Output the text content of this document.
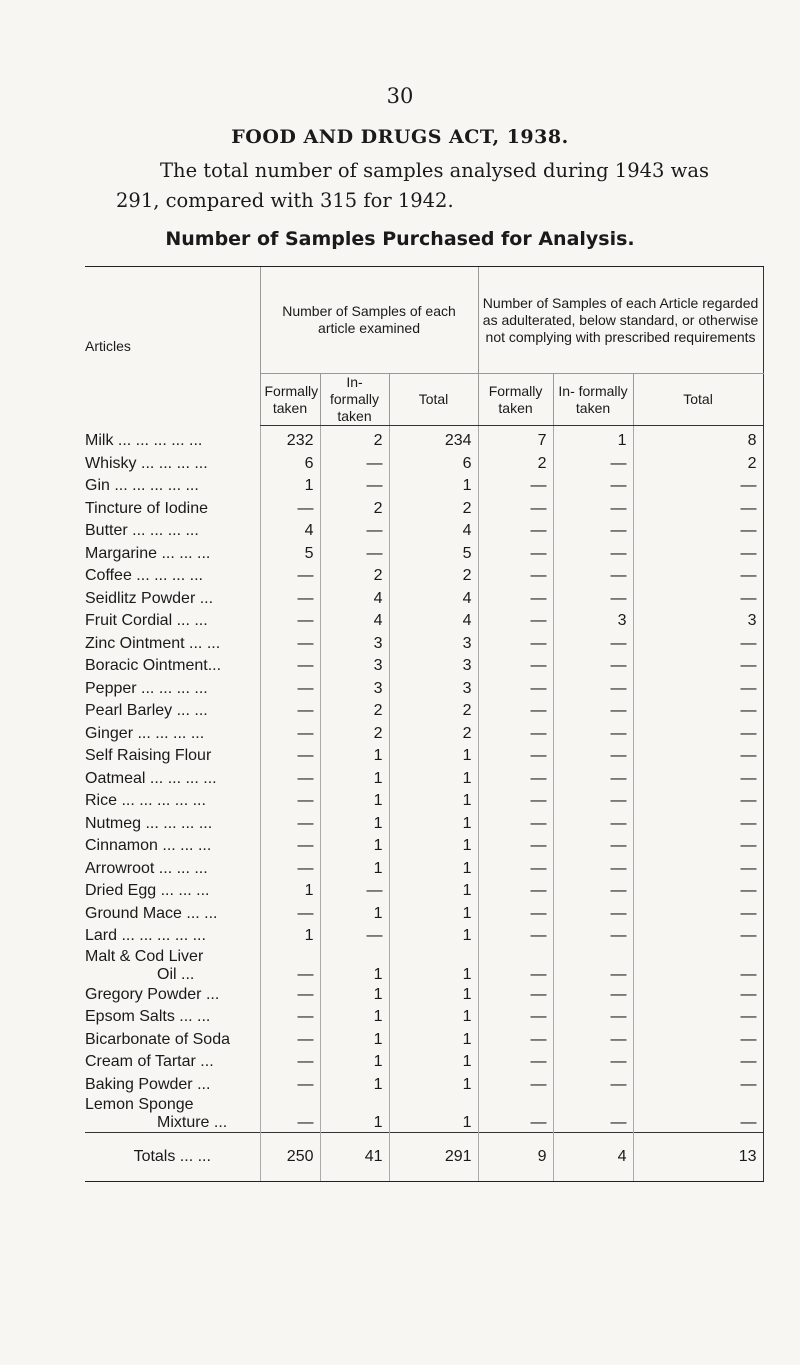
30
FOOD AND DRUGS ACT, 1938.
The total number of samples analysed during 1943 was 291, compared with 315 for 1942.
Number of Samples Purchased for Analysis.
Articles	Number of Samples of each article examined			Number of Samples of each Article regarded as adulterated, below standard, or otherwise not complying with prescribed requirements		
	Formally taken	In- formally taken	Total	Formally taken	In- formally taken	Total
Milk ... ... ... ... ...	232	2	234	7	1	8
Whisky ... ... ... ...	6	—	6	2	—	2
Gin ... ... ... ... ...	1	—	1	—	—	—
Tincture of Iodine	—	2	2	—	—	—
Butter ... ... ... ...	4	—	4	—	—	—
Margarine ... ... ...	5	—	5	—	—	—
Coffee ... ... ... ...	—	2	2	—	—	—
Seidlitz Powder ...	—	4	4	—	—	—
Fruit Cordial ... ...	—	4	4	—	3	3
Zinc Ointment ... ...	—	3	3	—	—	—
Boracic Ointment...	—	3	3	—	—	—
Pepper ... ... ... ...	—	3	3	—	—	—
Pearl Barley ... ...	—	2	2	—	—	—
Ginger ... ... ... ...	—	2	2	—	—	—
Self Raising Flour	—	1	1	—	—	—
Oatmeal ... ... ... ...	—	1	1	—	—	—
Rice ... ... ... ... ...	—	1	1	—	—	—
Nutmeg ... ... ... ...	—	1	1	—	—	—
Cinnamon ... ... ...	—	1	1	—	—	—
Arrowroot ... ... ...	—	1	1	—	—	—
Dried Egg ... ... ...	1	—	1	—	—	—
Ground Mace ... ...	—	1	1	—	—	—
Lard ... ... ... ... ...	1	—	1	—	—	—

Malt & Cod Liver
Oil ...	—	1	1	—	—	—
Gregory Powder ...	—	1	1	—	—	—
Epsom Salts ... ...	—	1	1	—	—	—
Bicarbonate of Soda	—	1	1	—	—	—
Cream of Tartar ...	—	1	1	—	—	—
Baking Powder ...	—	1	1	—	—	—

Lemon Sponge
Mixture ...	—	1	1	—	—	—
Totals ... ...	250	41	291	9	4	13
